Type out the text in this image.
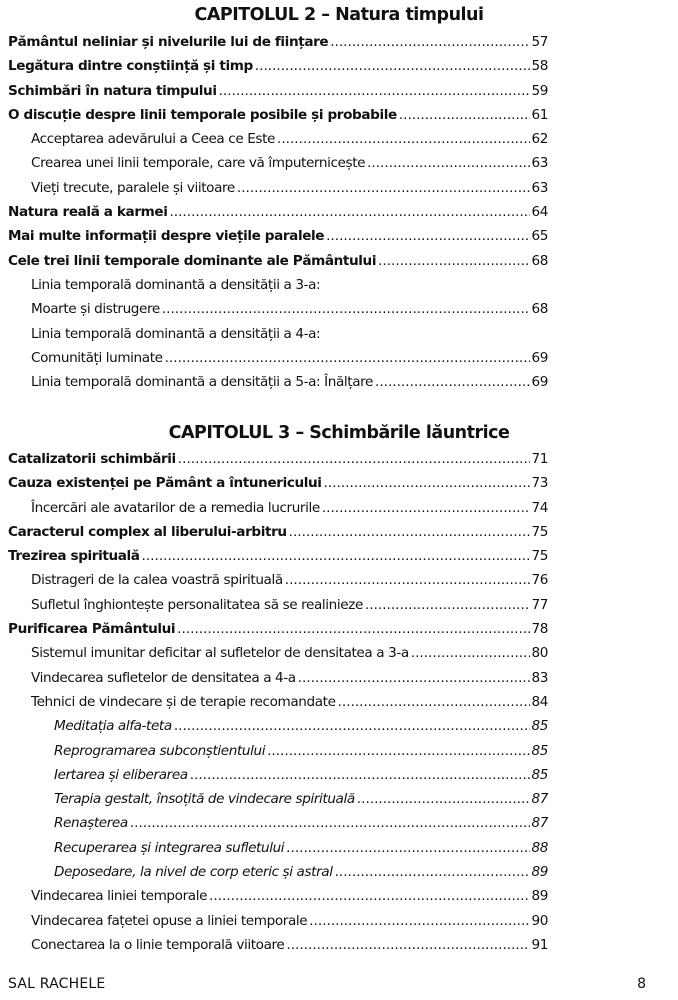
CAPITOLUL 2 – Natura timpului
Pământul neliniar și nivelurile lui de ființare .....	57
Legătura dintre conștiință și timp .....	58
Schimbări în natura timpului .....	59
O discuție despre linii temporale posibile și probabile .....	61
Acceptarea adevărului a Ceea ce Este .....	62
Crearea unei linii temporale, care vă împuternicește .....	63
Vieți trecute, paralele și viitoare .....	63
Natura reală a karmei .....	64
Mai multe informații despre viețile paralele .....	65
Cele trei linii temporale dominante ale Pământului .....	68
Linia temporală dominantă a densității a 3-a:
Moarte și distrugere .....	68
Linia temporală dominantă a densității a 4-a:
Comunități luminate .....	69
Linia temporală dominantă a densității a 5-a: Înălțare .....	69
CAPITOLUL 3 – Schimbările lăuntrice
Catalizatorii schimbării .....	71
Cauza existenței pe Pământ a întunericului .....	73
Încercări ale avatarilor de a remedia lucrurile .....	74
Caracterul complex al liberului-arbitru .....	75
Trezirea spirituală .....	75
Distrageri de la calea voastră spirituală .....	76
Sufletul înghiontește personalitatea să se realinieze .....	77
Purificarea Pământului .....	78
Sistemul imunitar deficitar al sufletelor de densitatea a 3-a .....	80
Vindecarea sufletelor de densitatea a 4-a .....	83
Tehnici de vindecare și de terapie recomandate .....	84
Meditația alfa-teta .....	85
Reprogramarea subconștientului .....	85
Iertarea și eliberarea .....	85
Terapia gestalt, însoțită de vindecare spirituală .....	87
Renașterea .....	87
Recuperarea și integrarea sufletului .....	88
Deposedare, la nivel de corp eteric și astral .....	89
Vindecarea liniei temporale .....	89
Vindecarea fațetei opuse a liniei temporale .....	90
Conectarea la o linie temporală viitoare .....	91
SAL RACHELE	8
